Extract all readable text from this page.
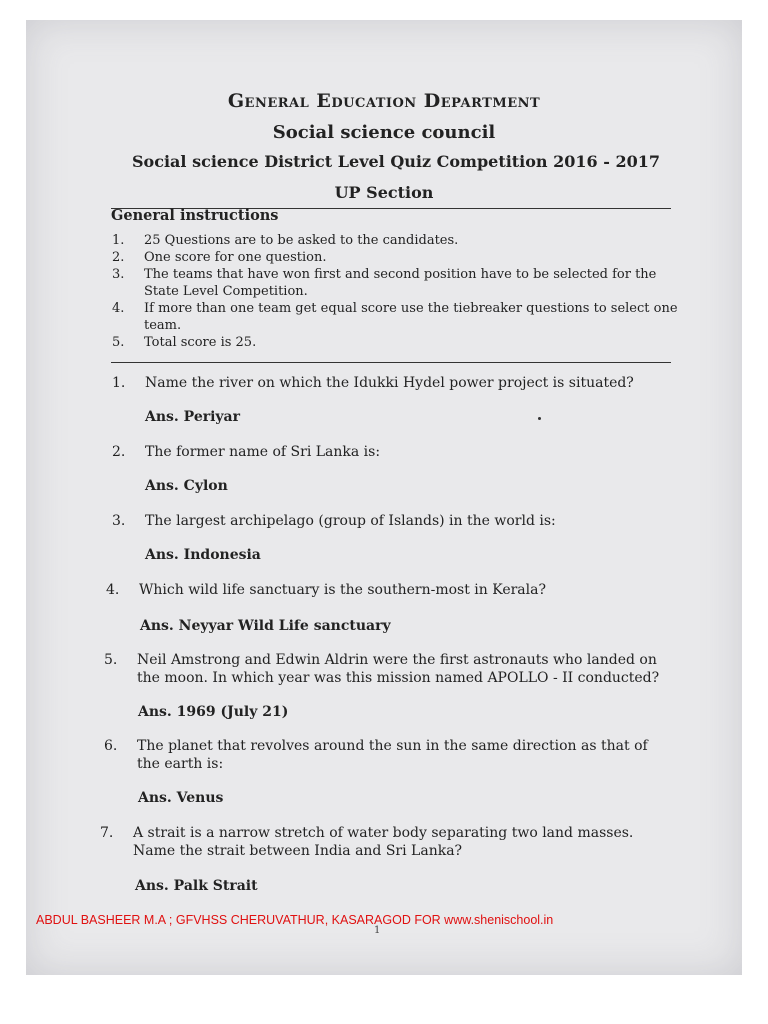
General Education Department
Social science council
Social science District Level Quiz Competition 2016 - 2017
UP Section
General instructions
1.	25 Questions are to be asked to the candidates.
2.	One score for one question.
3.	The teams that have won first and second position have to be selected for the State Level Competition.
4.	If more than one team get equal score use the tiebreaker questions to select one team.
5.	Total score is 25.
1.	Name the river on which the Idukki Hydel power project is situated?
Ans. Periyar
2.	The former name of Sri Lanka is:
Ans. Cylon
3.	The largest archipelago (group of Islands) in the world is:
Ans. Indonesia
4.	Which wild life sanctuary is the southern-most in Kerala?
Ans. Neyyar Wild Life sanctuary
5.	Neil Amstrong and Edwin Aldrin were the first astronauts who landed on the moon. In which year was this mission named APOLLO - II conducted?
Ans. 1969 (July 21)
6.	The planet that revolves around the sun in the same direction as that of the earth is:
Ans. Venus
7.	A strait is a narrow stretch of water body separating two land masses. Name the strait between India and Sri Lanka?
Ans. Palk Strait
ABDUL BASHEER M.A ; GFVHSS CHERUVATHUR, KASARAGOD FOR www.shenischool.in
1
